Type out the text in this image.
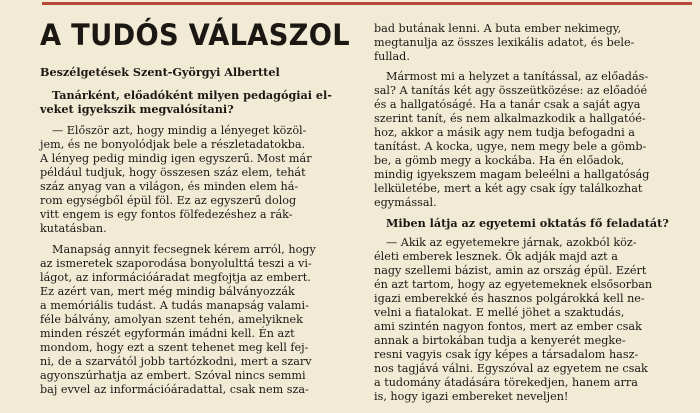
A TUDÓS VÁLASZOL
Beszélgetések Szent-Györgyi Alberttel
Tanárként, előadóként milyen pedagógiai el-
veket igyekszik megvalósítani?
— Először azt, hogy mindig a lényeget közöl-
jem, és ne bonyolódjak bele a részletadatokba.
A lényeg pedig mindig igen egyszerű. Most már
például tudjuk, hogy összesen száz elem, tehát
száz anyag van a világon, és minden elem há-
rom egységből épül föl. Ez az egyszerű dolog
vitt engem is egy fontos fölfedezéshez a rák-
kutatásban.
Manapság annyit fecsegnek kérem arról, hogy
az ismeretek szaporodása bonyolulttá teszi a vi-
lágot, az információáradat megfojtja az embert.
Ez azért van, mert még mindig bálványozzák
a memóriális tudást. A tudás manapság valami-
féle bálvány, amolyan szent tehén, amelyiknek
minden részét egyformán imádni kell. Én azt
mondom, hogy ezt a szent tehenet meg kell fej-
ni, de a szarvától jobb tartózkodni, mert a szarv
agyonszúrhatja az embert. Szóval nincs semmi
baj evvel az információáradattal, csak nem sza-
bad butának lenni. A buta ember nekimegy,
megtanulja az összes lexikális adatot, és bele-
fullad.
Mármost mi a helyzet a tanítással, az előadás-
sal? A tanítás két agy összeütközése: az előadóé
és a hallgatóságé. Ha a tanár csak a saját agya
szerint tanít, és nem alkalmazkodik a hallgatóé-
hoz, akkor a másik agy nem tudja befogadni a
tanítást. A kocka, ugye, nem megy bele a gömb-
be, a gömb megy a kockába. Ha én előadok,
mindig igyekszem magam beleélni a hallgatóság
lelkületébe, mert a két agy csak így találkozhat
egymással.
Miben látja az egyetemi oktatás fő feladatát?
— Akik az egyetemekre járnak, azokból köz-
életi emberek lesznek. Ők adják majd azt a
nagy szellemi bázist, amin az ország épül. Ezért
én azt tartom, hogy az egyetemeknek elsősorban
igazi emberekké és hasznos polgárokká kell ne-
velni a fiatalokat. E mellé jöhet a szaktudás,
ami szintén nagyon fontos, mert az ember csak
annak a birtokában tudja a kenyerét megke-
resni vagyis csak így képes a társadalom hasz-
nos tagjává válni. Egyszóval az egyetem ne csak
a tudomány átadására törekedjen, hanem arra
is, hogy igazi embereket neveljen!
